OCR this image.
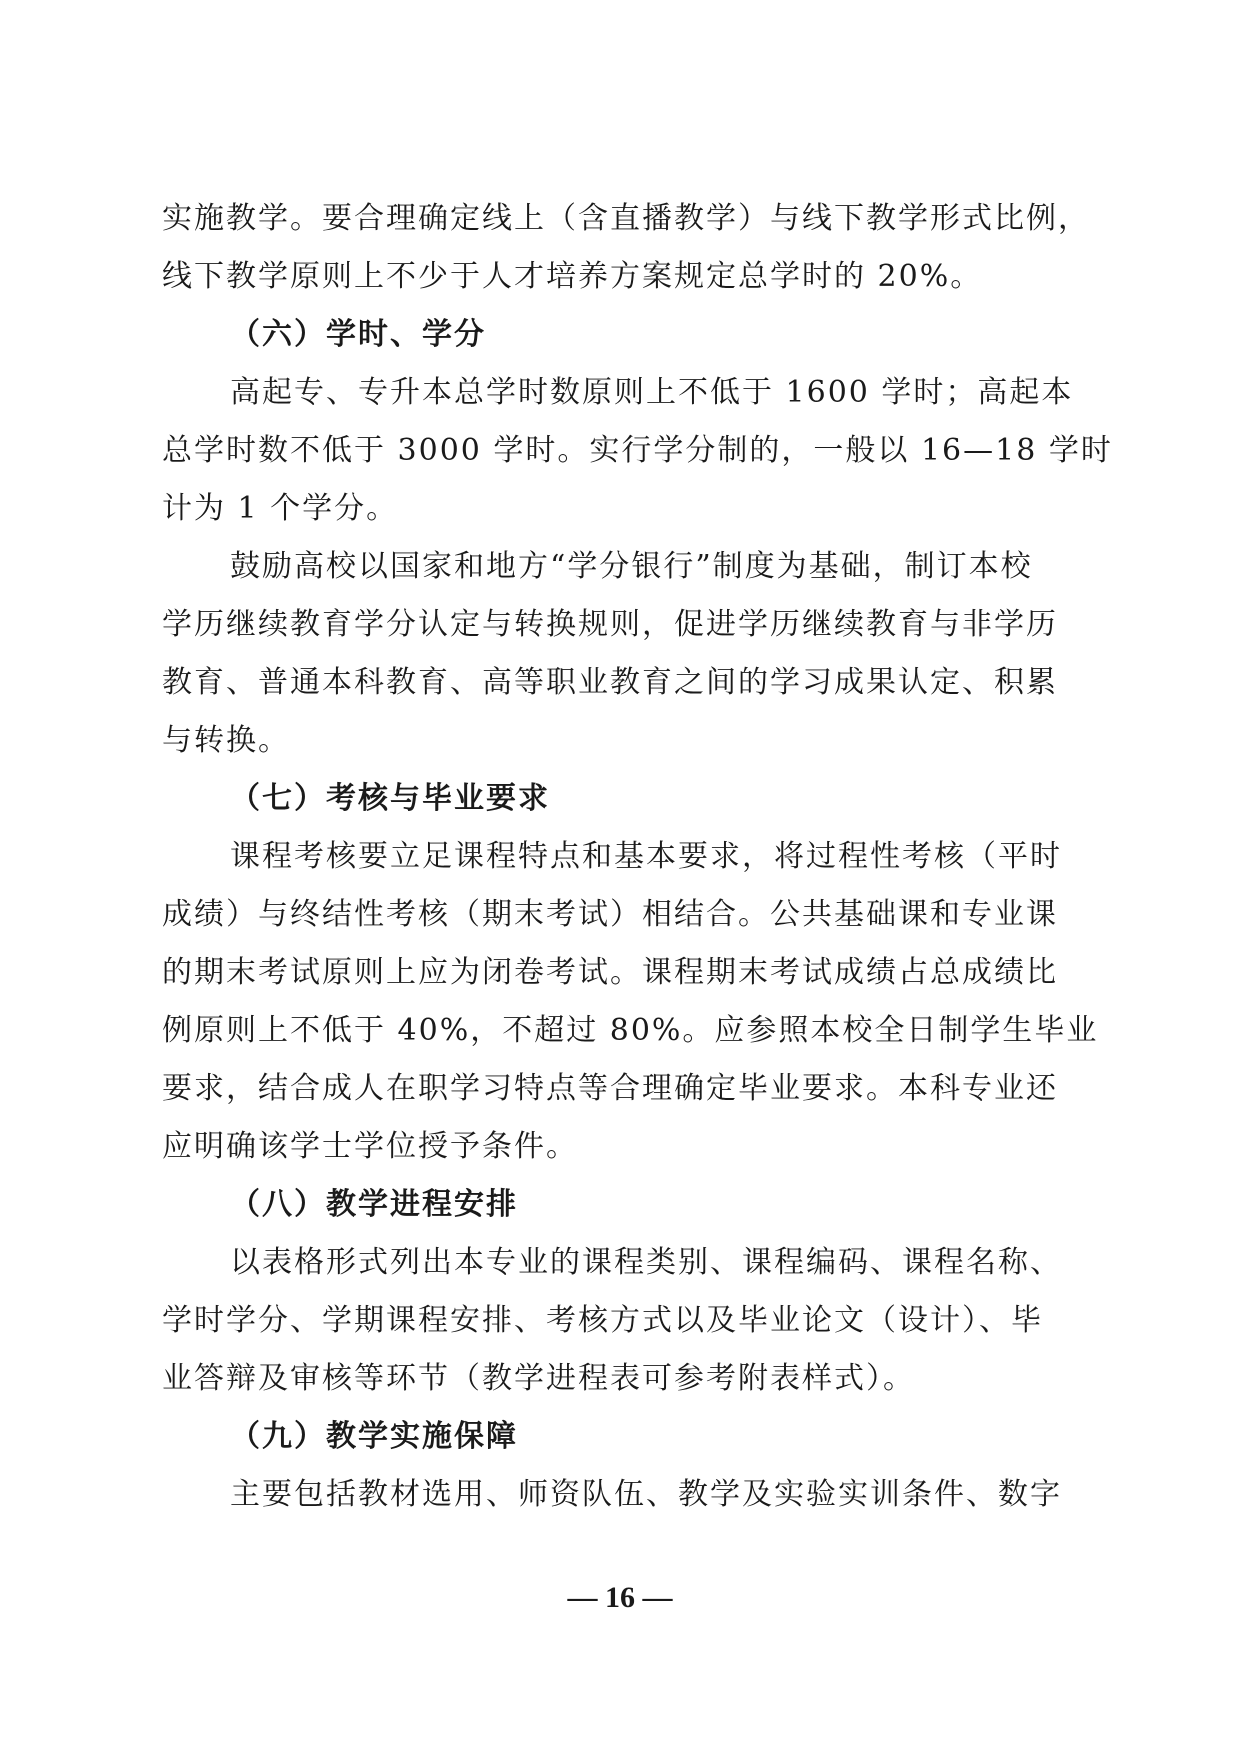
实施教学。要合理确定线上（含直播教学）与线下教学形式比例，
线下教学原则上不少于人才培养方案规定总学时的 20%。
（六）学时、学分
高起专、专升本总学时数原则上不低于 1600 学时；高起本
总学时数不低于 3000 学时。实行学分制的，一般以 16—18 学时
计为 1 个学分。
鼓励高校以国家和地方“学分银行”制度为基础，制订本校
学历继续教育学分认定与转换规则，促进学历继续教育与非学历
教育、普通本科教育、高等职业教育之间的学习成果认定、积累
与转换。
（七）考核与毕业要求
课程考核要立足课程特点和基本要求，将过程性考核（平时
成绩）与终结性考核（期末考试）相结合。公共基础课和专业课
的期末考试原则上应为闭卷考试。课程期末考试成绩占总成绩比
例原则上不低于 40%，不超过 80%。应参照本校全日制学生毕业
要求，结合成人在职学习特点等合理确定毕业要求。本科专业还
应明确该学士学位授予条件。
（八）教学进程安排
以表格形式列出本专业的课程类别、课程编码、课程名称、
学时学分、学期课程安排、考核方式以及毕业论文（设计）、毕
业答辩及审核等环节（教学进程表可参考附表样式）。
（九）教学实施保障
主要包括教材选用、师资队伍、教学及实验实训条件、数字
— 16 —
